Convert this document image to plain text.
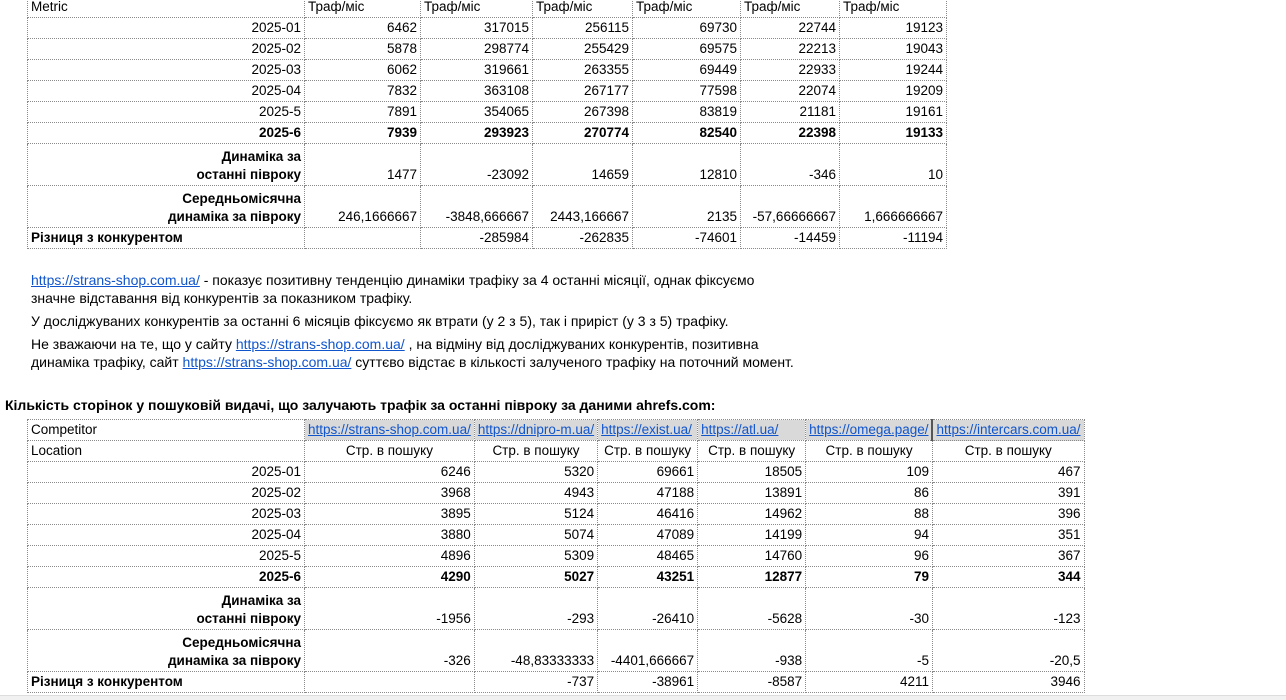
Metric	Траф/міс	Траф/міс	Траф/міс	Траф/міс	Траф/міс	Траф/міс
2025-01	6462	317015	256115	69730	22744	19123
2025-02	5878	298774	255429	69575	22213	19043
2025-03	6062	319661	263355	69449	22933	19244
2025-04	7832	363108	267177	77598	22074	19209
2025-5	7891	354065	267398	83819	21181	19161
2025-6	7939	293923	270774	82540	22398	19133
Динаміка за
останні півроку	1477	-23092	14659	12810	-346	10
Середньомісячна
динаміка за півроку	246,1666667	-3848,666667	2443,166667	2135	-57,66666667	1,666666667
Різниця з конкурентом		-285984	-262835	-74601	-14459	-11194
https://strans-shop.com.ua/ - показує позитивну тенденцію динаміки трафіку за 4 останні місяції, однак фіксуємо
значне відставання від конкурентів за показником трафіку.
У досліджуваних конкурентів за останні 6 місяців фіксуємо як втрати (у 2 з 5), так і приріст (у 3 з 5) трафіку.
Не зважаючи на те, що у сайту https://strans-shop.com.ua/ , на відміну від досліджуваних конкурентів, позитивна
динаміка трафіку, сайт https://strans-shop.com.ua/ суттєво відстає в кількості залученого трафіку на поточний момент.
Кількість сторінок у пошуковій видачі, що залучають трафік за останні півроку за даними ahrefs.com:
Competitor	https://strans-shop.com.ua/	https://dnipro-m.ua/	https://exist.ua/	https://atl.ua/	https://omega.page/	https://intercars.com.ua/
Location	Стр. в пошуку	Стр. в пошуку	Стр. в пошуку	Стр. в пошуку	Стр. в пошуку	Стр. в пошуку
2025-01	6246	5320	69661	18505	109	467
2025-02	3968	4943	47188	13891	86	391
2025-03	3895	5124	46416	14962	88	396
2025-04	3880	5074	47089	14199	94	351
2025-5	4896	5309	48465	14760	96	367
2025-6	4290	5027	43251	12877	79	344
Динаміка за
останні півроку	-1956	-293	-26410	-5628	-30	-123
Середньомісячна
динаміка за півроку	-326	-48,83333333	-4401,666667	-938	-5	-20,5
Різниця з конкурентом		-737	-38961	-8587	4211	3946
